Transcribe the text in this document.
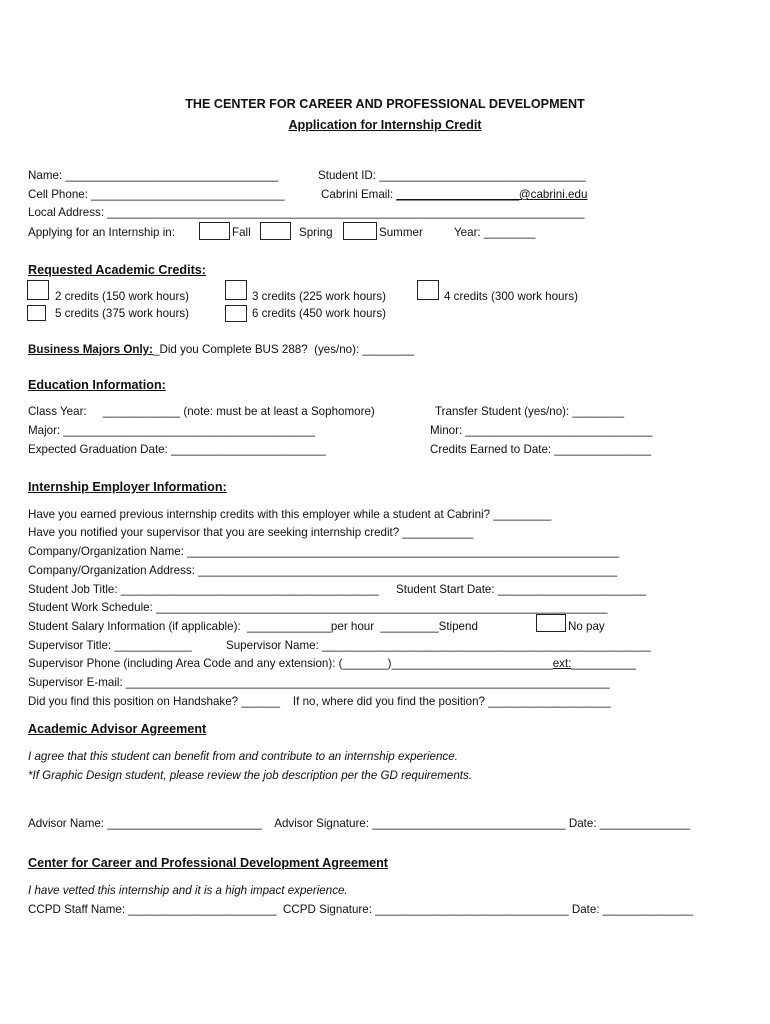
THE CENTER FOR CAREER AND PROFESSIONAL DEVELOPMENT
Application for Internship Credit
Name: _________________________________	Student ID: ________________________________
Cell Phone: ______________________________	Cabrini Email: ___________________@cabrini.edu
Local Address: __________________________________________________________________________
Applying for an Internship in:	Fall	Spring	Summer	Year: ________
Requested Academic Credits:
2 credits (150 work hours)	3 credits (225 work hours)	4 credits (300 work hours)
5 credits (375 work hours)	6 credits (450 work hours)
Business Majors Only:_Did you Complete BUS 288?  (yes/no): ________
Education Information:
Class Year:     ____________ (note: must be at least a Sophomore)	Transfer Student (yes/no): ________
Major: _______________________________________	Minor: _____________________________
Expected Graduation Date: ________________________	Credits Earned to Date: _______________
Internship Employer Information:
Have you earned previous internship credits with this employer while a student at Cabrini? _________
Have you notified your supervisor that you are seeking internship credit? ___________
Company/Organization Name: ___________________________________________________________________
Company/Organization Address: _________________________________________________________________
Student Job Title: ________________________________________ Student Start Date: _______________________
Student Work Schedule: ______________________________________________________________________
Student Salary Information (if applicable):  _____________per hour  _________Stipend	No pay
Supervisor Title: ____________	Supervisor Name: ___________________________________________________
Supervisor Phone (including Area Code and any extension): (_______)_________________________ext:__________
Supervisor E-mail: ___________________________________________________________________________
Did you find this position on Handshake? ______    If no, where did you find the position? ___________________
Academic Advisor Agreement
I agree that this student can benefit from and contribute to an internship experience.
*If Graphic Design student, please review the job description per the GD requirements.
Advisor Name: ________________________    Advisor Signature: ______________________________ Date: ______________
Center for Career and Professional Development Agreement
I have vetted this internship and it is a high impact experience.
CCPD Staff Name: _______________________  CCPD Signature: ______________________________ Date: ______________
